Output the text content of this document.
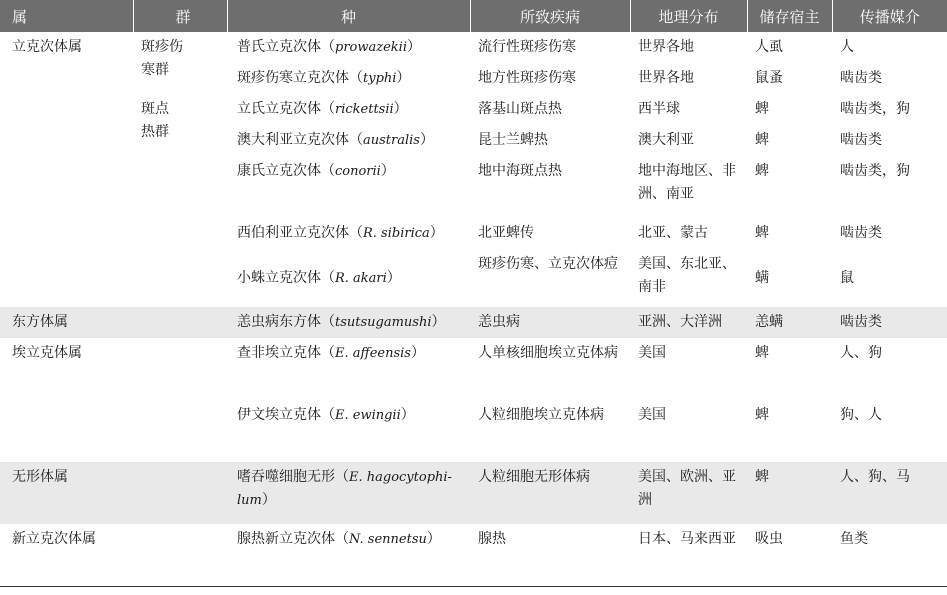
属	群	种	所致疾病	地理分布	储存宿主	传播媒介
立克次体属	斑疹伤寒群	普氏立克次体（prowazekii）	流行性斑疹伤寒	世界各地	人虱	人
		斑疹伤寒立克次体（typhi）	地方性斑疹伤寒	世界各地	鼠蚤	啮齿类

	斑点热群	立氏立克次体（rickettsii）	落基山斑点热	西半球	蜱	啮齿类，狗
		澳大利亚立克次体（australis）	昆士兰蜱热	澳大利亚	蜱	啮齿类
		康氏立克次体（conorii）	地中海斑点热	地中海地区、非洲、南亚	蜱	啮齿类，狗
		西伯利亚立克次体（R. sibirica）	北亚蜱传	北亚、蒙古	蜱	啮齿类
		小蛛立克次体（R. akari）	斑疹伤寒、立克次体痘	美国、东北亚、南非	螨	鼠
东方体属		恙虫病东方体（tsutsugamushi）	恙虫病	亚洲、大洋洲	恙螨	啮齿类
埃立克体属		查非埃立克体（E. affeensis）	人单核细胞埃立克体病	美国	蜱	人、狗
		伊文埃立克体（E. ewingii）	人粒细胞埃立克体病	美国	蜱	狗、人
无形体属		嗜吞噬细胞无形（E. hagocytophi-lum）	人粒细胞无形体病	美国、欧洲、亚洲	蜱	人、狗、马
新立克次体属		腺热新立克次体（N. sennetsu）	腺热	日本、马来西亚	吸虫	鱼类
